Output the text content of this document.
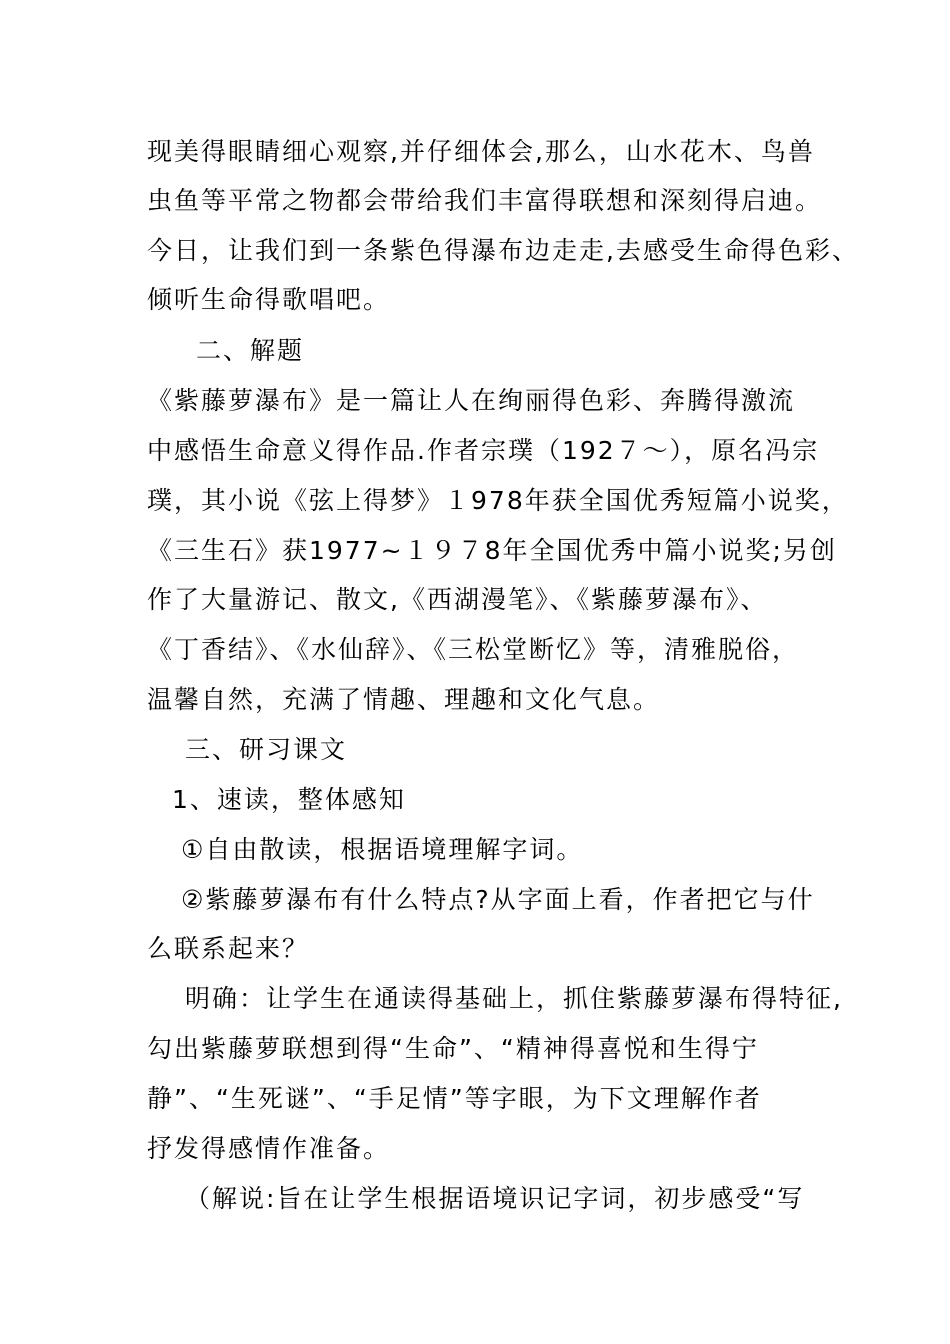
现美得眼睛细心观察,并仔细体会,那么，山水花木、鸟兽
虫鱼等平常之物都会带给我们丰富得联想和深刻得启迪。
今日，让我们到一条紫色得瀑布边走走,去感受生命得色彩、
倾听生命得歌唱吧。
二、解题
《紫藤萝瀑布》是一篇让人在绚丽得色彩、奔腾得激流
中感悟生命意义得作品.作者宗璞（192７～），原名冯宗
璞，其小说《弦上得梦》１978年获全国优秀短篇小说奖，
《三生石》获1977~１９７8年全国优秀中篇小说奖;另创
作了大量游记、散文,《西湖漫笔》、《紫藤萝瀑布》、
《丁香结》、《水仙辞》、《三松堂断忆》等，清雅脱俗，
温馨自然，充满了情趣、理趣和文化气息。
三、研习课文
1、速读，整体感知
①自由散读，根据语境理解字词。
②紫藤萝瀑布有什么特点?从字面上看，作者把它与什
么联系起来？
明确：让学生在通读得基础上，抓住紫藤萝瀑布得特征,
勾出紫藤萝联想到得“生命”、“精神得喜悦和生得宁
静”、“生死谜”、“手足情”等字眼，为下文理解作者
抒发得感情作准备。
（解说:旨在让学生根据语境识记字词，初步感受“写
